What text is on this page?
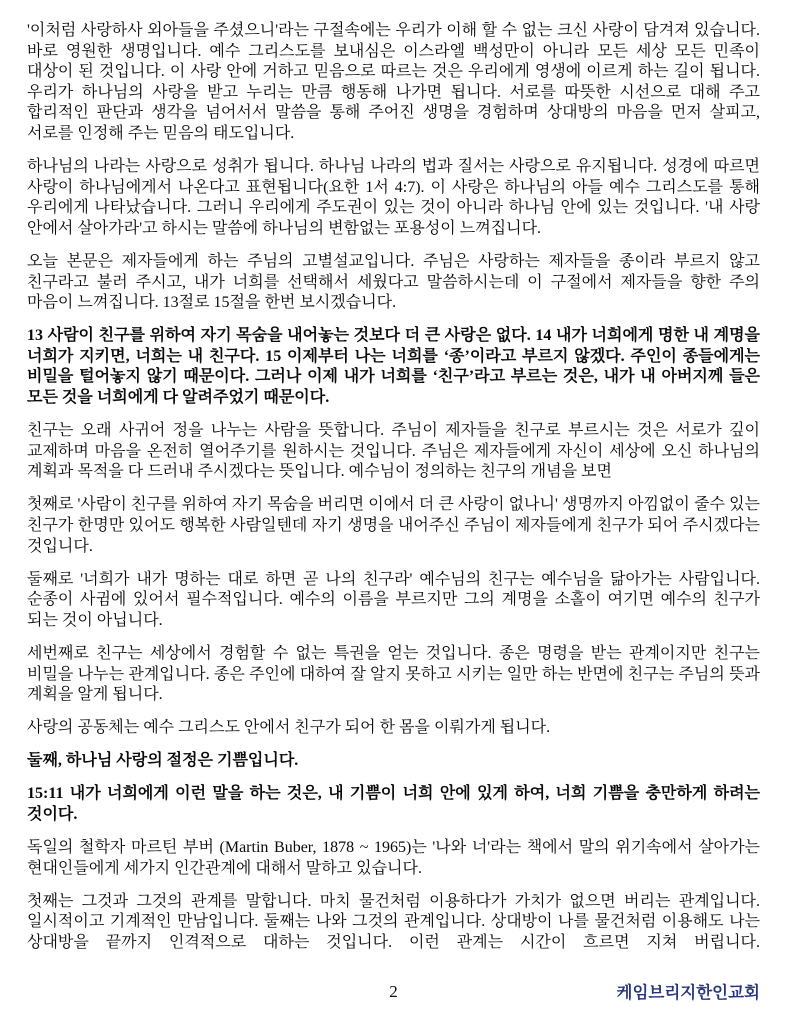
'이처럼 사랑하사 외아들을 주셨으니'라는 구절속에는 우리가 이해 할 수 없는 크신 사랑이 담겨져 있습니다. 바로 영원한 생명입니다. 예수 그리스도를 보내심은 이스라엘 백성만이 아니라 모든 세상 모든 민족이 대상이 된 것입니다. 이 사랑 안에 거하고 믿음으로 따르는 것은 우리에게 영생에 이르게 하는 길이 됩니다. 우리가 하나님의 사랑을 받고 누리는 만큼 행동해 나가면 됩니다. 서로를 따뜻한 시선으로 대해 주고 합리적인 판단과 생각을 넘어서서 말씀을 통해 주어진 생명을 경험하며 상대방의 마음을 먼저 살피고, 서로를 인정해 주는 믿음의 태도입니다.

하나님의 나라는 사랑으로 성취가 됩니다. 하나님 나라의 법과 질서는 사랑으로 유지됩니다. 성경에 따르면 사랑이 하나님에게서 나온다고 표현됩니다(요한 1서 4:7). 이 사랑은 하나님의 아들 예수 그리스도를 통해 우리에게 나타났습니다. 그러니 우리에게 주도권이 있는 것이 아니라 하나님 안에 있는 것입니다. '내 사랑 안에서 살아가라'고 하시는 말씀에 하나님의 변함없는 포용성이 느껴집니다.

오늘 본문은 제자들에게 하는 주님의 고별설교입니다. 주님은 사랑하는 제자들을 종이라 부르지 않고 친구라고 불러 주시고, 내가 너희를 선택해서 세웠다고 말씀하시는데 이 구절에서 제자들을 향한 주의 마음이 느껴집니다. 13절로 15절을 한번 보시겠습니다.

13 사람이 친구를 위하여 자기 목숨을 내어놓는 것보다 더 큰 사랑은 없다. 14 내가 너희에게 명한 내 계명을 너희가 지키면, 너희는 내 친구다. 15 이제부터 나는 너희를 ‘종’이라고 부르지 않겠다. 주인이 종들에게는 비밀을 털어놓지 않기 때문이다. 그러나 이제 내가 너희를 ‘친구’라고 부르는 것은, 내가 내 아버지께 들은 모든 것을 너희에게 다 알려주었기 때문이다.

친구는 오래 사귀어 정을 나누는 사람을 뜻합니다. 주님이 제자들을 친구로 부르시는 것은 서로가 깊이 교제하며 마음을 온전히 열어주기를 원하시는 것입니다. 주님은 제자들에게 자신이 세상에 오신 하나님의 계획과 목적을 다 드러내 주시겠다는 뜻입니다. 예수님이 정의하는 친구의 개념을 보면

첫째로 '사람이 친구를 위하여 자기 목숨을 버리면 이에서 더 큰 사랑이 없나니' 생명까지 아낌없이 줄수 있는 친구가 한명만 있어도 행복한 사람일텐데 자기 생명을 내어주신 주님이 제자들에게 친구가 되어 주시겠다는 것입니다.

둘째로 '너희가 내가 명하는 대로 하면 곧 나의 친구라' 예수님의 친구는 예수님을 닮아가는 사람입니다. 순종이 사귐에 있어서 필수적입니다. 예수의 이름을 부르지만 그의 계명을 소홀이 여기면 예수의 친구가 되는 것이 아닙니다.

세번째로 친구는 세상에서 경험할 수 없는 특권을 얻는 것입니다. 종은 명령을 받는 관계이지만 친구는 비밀을 나누는 관계입니다. 종은 주인에 대하여 잘 알지 못하고 시키는 일만 하는 반면에 친구는 주님의 뜻과 계획을 알게 됩니다.

사랑의 공동체는 예수 그리스도 안에서 친구가 되어 한 몸을 이뤄가게 됩니다.

둘째, 하나님 사랑의 절정은 기쁨입니다.

15:11 내가 너희에게 이런 말을 하는 것은, 내 기쁨이 너희 안에 있게 하여, 너희 기쁨을 충만하게 하려는 것이다.

독일의 철학자 마르틴 부버 (Martin Buber, 1878 ~ 1965)는 '나와 너'라는 책에서 말의 위기속에서 살아가는 현대인들에게 세가지 인간관계에 대해서 말하고 있습니다.

첫째는 그것과 그것의 관계를 말합니다. 마치 물건처럼 이용하다가 가치가 없으면 버리는 관계입니다. 일시적이고 기계적인 만남입니다. 둘째는 나와 그것의 관계입니다. 상대방이 나를 물건처럼 이용해도 나는 상대방을 끝까지 인격적으로 대하는 것입니다. 이런 관계는 시간이 흐르면 지쳐 버립니다.

2	케임브리지한인교회
